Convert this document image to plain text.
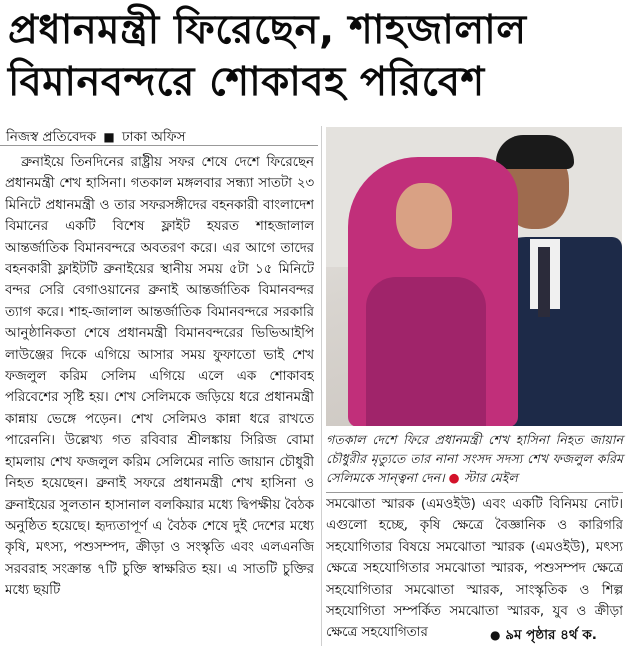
প্রধানমন্ত্রী ফিরেছেন, শাহজালাল
বিমানবন্দরে শোকাবহ পরিবেশ
নিজস্ব প্রতিবেদক ■ ঢাকা অফিস
ব্রুনাইয়ে তিনদিনের রাষ্ট্রীয় সফর শেষে দেশে ফিরেছেন প্রধানমন্ত্রী শেখ হাসিনা। গতকাল মঙ্গলবার সন্ধ্যা সাতটা ২৩ মিনিটে প্রধানমন্ত্রী ও তার সফরসঙ্গীদের বহনকারী বাংলাদেশ বিমানের একটি বিশেষ ফ্লাইট হযরত শাহজালাল আন্তর্জাতিক বিমানবন্দরে অবতরণ করে। এর আগে তাদের বহনকারী ফ্লাইটটি ব্রুনাইয়ের স্থানীয় সময় ৫টা ১৫ মিনিটে বন্দর সেরি বেগাওয়ানের ব্রুনাই আন্তর্জাতিক বিমানবন্দর ত্যাগ করে। শাহ-জালাল আন্তর্জাতিক বিমানবন্দরে সরকারি আনুষ্ঠানিকতা শেষে প্রধানমন্ত্রী বিমানবন্দরের ভিভিআইপি লাউঞ্জের দিকে এগিয়ে আসার সময় ফুফাতো ভাই শেখ ফজলুল করিম সেলিম এগিয়ে এলে এক শোকাবহ পরিবেশের সৃষ্টি হয়। শেখ সেলিমকে জড়িয়ে ধরে প্রধানমন্ত্রী কান্নায় ভেঙ্গে পড়েন। শেখ সেলিমও কান্না ধরে রাখতে পারেননি। উল্লেখ্য গত রবিবার শ্রীলঙ্কায় সিরিজ বোমা হামলায় শেখ ফজলুল করিম সেলিমের নাতি জায়ান চৌধুরী নিহত হয়েছেন। ব্রুনাই সফরে প্রধানমন্ত্রী শেখ হাসিনা ও ব্রুনাইয়ের সুলতান হাসানাল বলকিয়ার মধ্যে দ্বিপক্ষীয় বৈঠক অনুষ্ঠিত হয়েছে। হৃদ্যতাপূর্ণ এ বৈঠক শেষে দুই দেশের মধ্যে কৃষি, মৎস্য, পশুসম্পদ, ক্রীড়া ও সংস্কৃতি এবং এলএনজি সরবরাহ সংক্রান্ত ৭টি চুক্তি স্বাক্ষরিত হয়। এ সাতটি চুক্তির মধ্যে ছয়টি
গতকাল দেশে ফিরে প্রধানমন্ত্রী শেখ হাসিনা নিহত জায়ান চৌধুরীর মৃত্যুতে তার নানা সংসদ সদস্য শেখ ফজলুল করিম সেলিমকে সান্ত্বনা দেন। ● স্টার মেইল
সমঝোতা স্মারক (এমওইউ) এবং একটি বিনিময় নোট। এগুলো হচ্ছে, কৃষি ক্ষেত্রে বৈজ্ঞানিক ও কারিগরি সহযোগিতার বিষয়ে সমঝোতা স্মারক (এমওইউ), মৎস্য ক্ষেত্রে সহযোগিতার সমঝোতা স্মারক, পশুসম্পদ ক্ষেত্রে সহযোগিতার সমঝোতা স্মারক, সাংস্কৃতিক ও শিল্প সহযোগিতা সম্পর্কিত সমঝোতা স্মারক, যুব ও ক্রীড়া ক্ষেত্রে সহযোগিতার	● ৯ম পৃষ্ঠার ৪র্থ ক.
